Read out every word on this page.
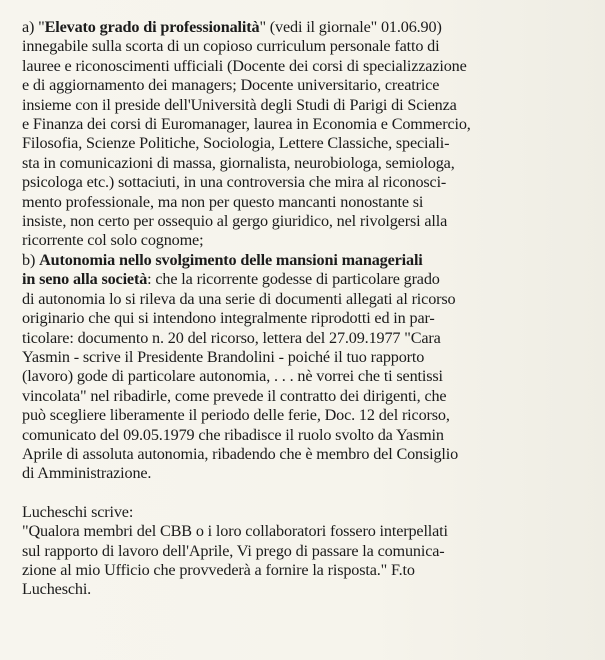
a) "Elevato grado di professionalità" (vedi il giornale" 01.06.90)
innegabile sulla scorta di un copioso curriculum personale fatto di
lauree e riconoscimenti ufficiali (Docente dei corsi di specializzazione
e di aggiornamento dei managers; Docente universitario, creatrice
insieme con il preside dell'Università degli Studi di Parigi di Scienza
e Finanza dei corsi di Euromanager, laurea in Economia e Commercio,
Filosofia, Scienze Politiche, Sociologia, Lettere Classiche, speciali-
sta in comunicazioni di massa, giornalista, neurobiologa, semiologa,
psicologa etc.) sottaciuti, in una controversia che mira al riconosci-
mento professionale, ma non per questo mancanti nonostante si
insiste, non certo per ossequio al gergo giuridico, nel rivolgersi alla
ricorrente col solo cognome;
b) Autonomia nello svolgimento delle mansioni manageriali
in seno alla società: che la ricorrente godesse di particolare grado
di autonomia lo si rileva da una serie di documenti allegati al ricorso
originario che qui si intendono integralmente riprodotti ed in par-
ticolare: documento n. 20 del ricorso, lettera del 27.09.1977 "Cara
Yasmin - scrive il Presidente Brandolini - poiché il tuo rapporto
(lavoro) gode di particolare autonomia, . . . nè vorrei che ti sentissi
vincolata" nel ribadirle, come prevede il contratto dei dirigenti, che
può scegliere liberamente il periodo delle ferie, Doc. 12 del ricorso,
comunicato del 09.05.1979 che ribadisce il ruolo svolto da Yasmin
Aprile di assoluta autonomia, ribadendo che è membro del Consiglio
di Amministrazione.
Lucheschi scrive:
"Qualora membri del CBB o i loro collaboratori fossero interpellati
sul rapporto di lavoro dell'Aprile, Vi prego di passare la comunica-
zione al mio Ufficio che provvederà a fornire la risposta." F.to
Lucheschi.
